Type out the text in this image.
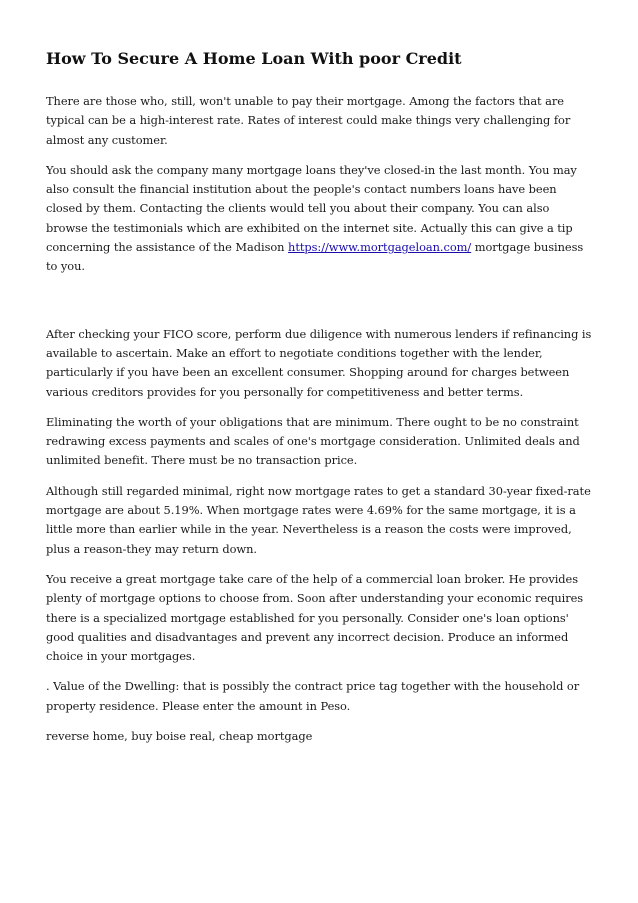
How To Secure A Home Loan With poor Credit

There are those who, still, won't unable to pay their mortgage. Among the factors that are typical can be a high-interest rate. Rates of interest could make things very challenging for almost any customer.

You should ask the company many mortgage loans they've closed-in the last month. You may also consult the financial institution about the people's contact numbers loans have been closed by them. Contacting the clients would tell you about their company. You can also browse the testimonials which are exhibited on the internet site. Actually this can give a tip concerning the assistance of the Madison https://www.mortgageloan.com/ mortgage business to you.

After checking your FICO score, perform due diligence with numerous lenders if refinancing is available to ascertain. Make an effort to negotiate conditions together with the lender, particularly if you have been an excellent consumer. Shopping around for charges between various creditors provides for you personally for competitiveness and better terms.

Eliminating the worth of your obligations that are minimum. There ought to be no constraint redrawing excess payments and scales of one's mortgage consideration. Unlimited deals and unlimited benefit. There must be no transaction price.

Although still regarded minimal, right now mortgage rates to get a standard 30-year fixed-rate mortgage are about 5.19%. When mortgage rates were 4.69% for the same mortgage, it is a little more than earlier while in the year. Nevertheless is a reason the costs were improved, plus a reason-they may return down.

You receive a great mortgage take care of the help of a commercial loan broker. He provides plenty of mortgage options to choose from. Soon after understanding your economic requires there is a specialized mortgage established for you personally. Consider one's loan options' good qualities and disadvantages and prevent any incorrect decision. Produce an informed choice in your mortgages.

. Value of the Dwelling: that is possibly the contract price tag together with the household or property residence. Please enter the amount in Peso.

reverse home, buy boise real, cheap mortgage
